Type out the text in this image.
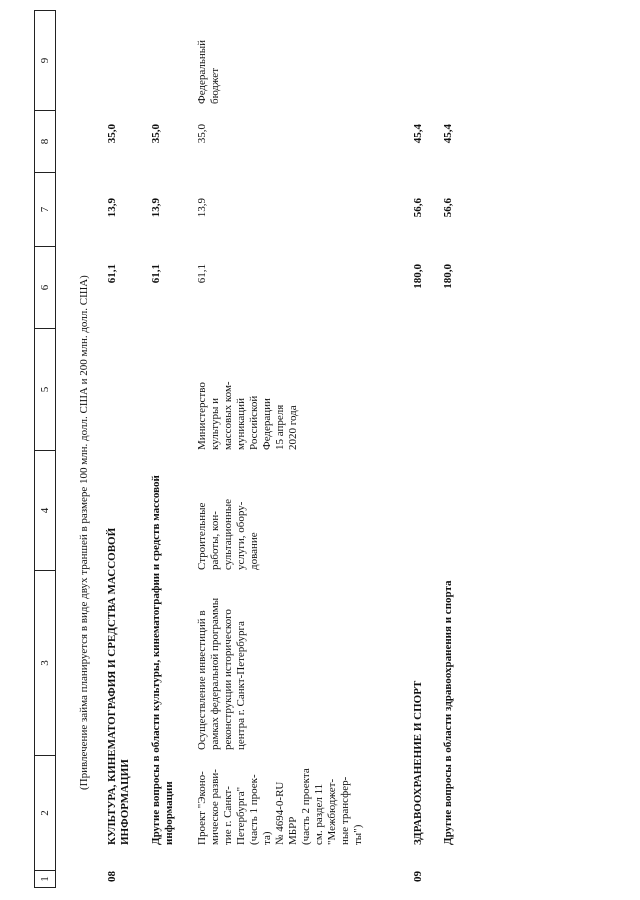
1
2
3
4
5
6
7
8
9
(Привлечение займа планируется в виде двух траншей в размере 100 млн. долл. США и 200 млн. долл. США)
08
КУЛЬТУРА, КИНЕМАТОГРАФИЯ И СРЕДСТВА МАССОВОЙ
ИНФОРМАЦИИ
61,1
13,9
35,0
Другие вопросы в области культуры, кинематографии и средств массовой
информации
61,1
13,9
35,0
Проект "Эконо-
мическое разви-
тие г. Санкт-
Петербурга"
(часть 1 проек-
та)
№ 4694-0-RU
МБРР
(часть 2 проекта
см. раздел 11
"Межбюджет-
ные трансфер-
ты")
Осуществление инвестиций в
рамках федеральной программы
реконструкции исторического
центра г. Санкт-Петербурга
Строительные
работы, кон-
сультационные
услуги, обору-
дование
Министерство
культуры и
массовых ком-
муникаций
Российской
Федерации
15 апреля
2020 года
61,1
13,9
35,0
Федеральный
бюджет
09
ЗДРАВООХРАНЕНИЕ И СПОРТ
180,0
56,6
45,4
Другие вопросы в области здравоохранения и спорта
180,0
56,6
45,4
